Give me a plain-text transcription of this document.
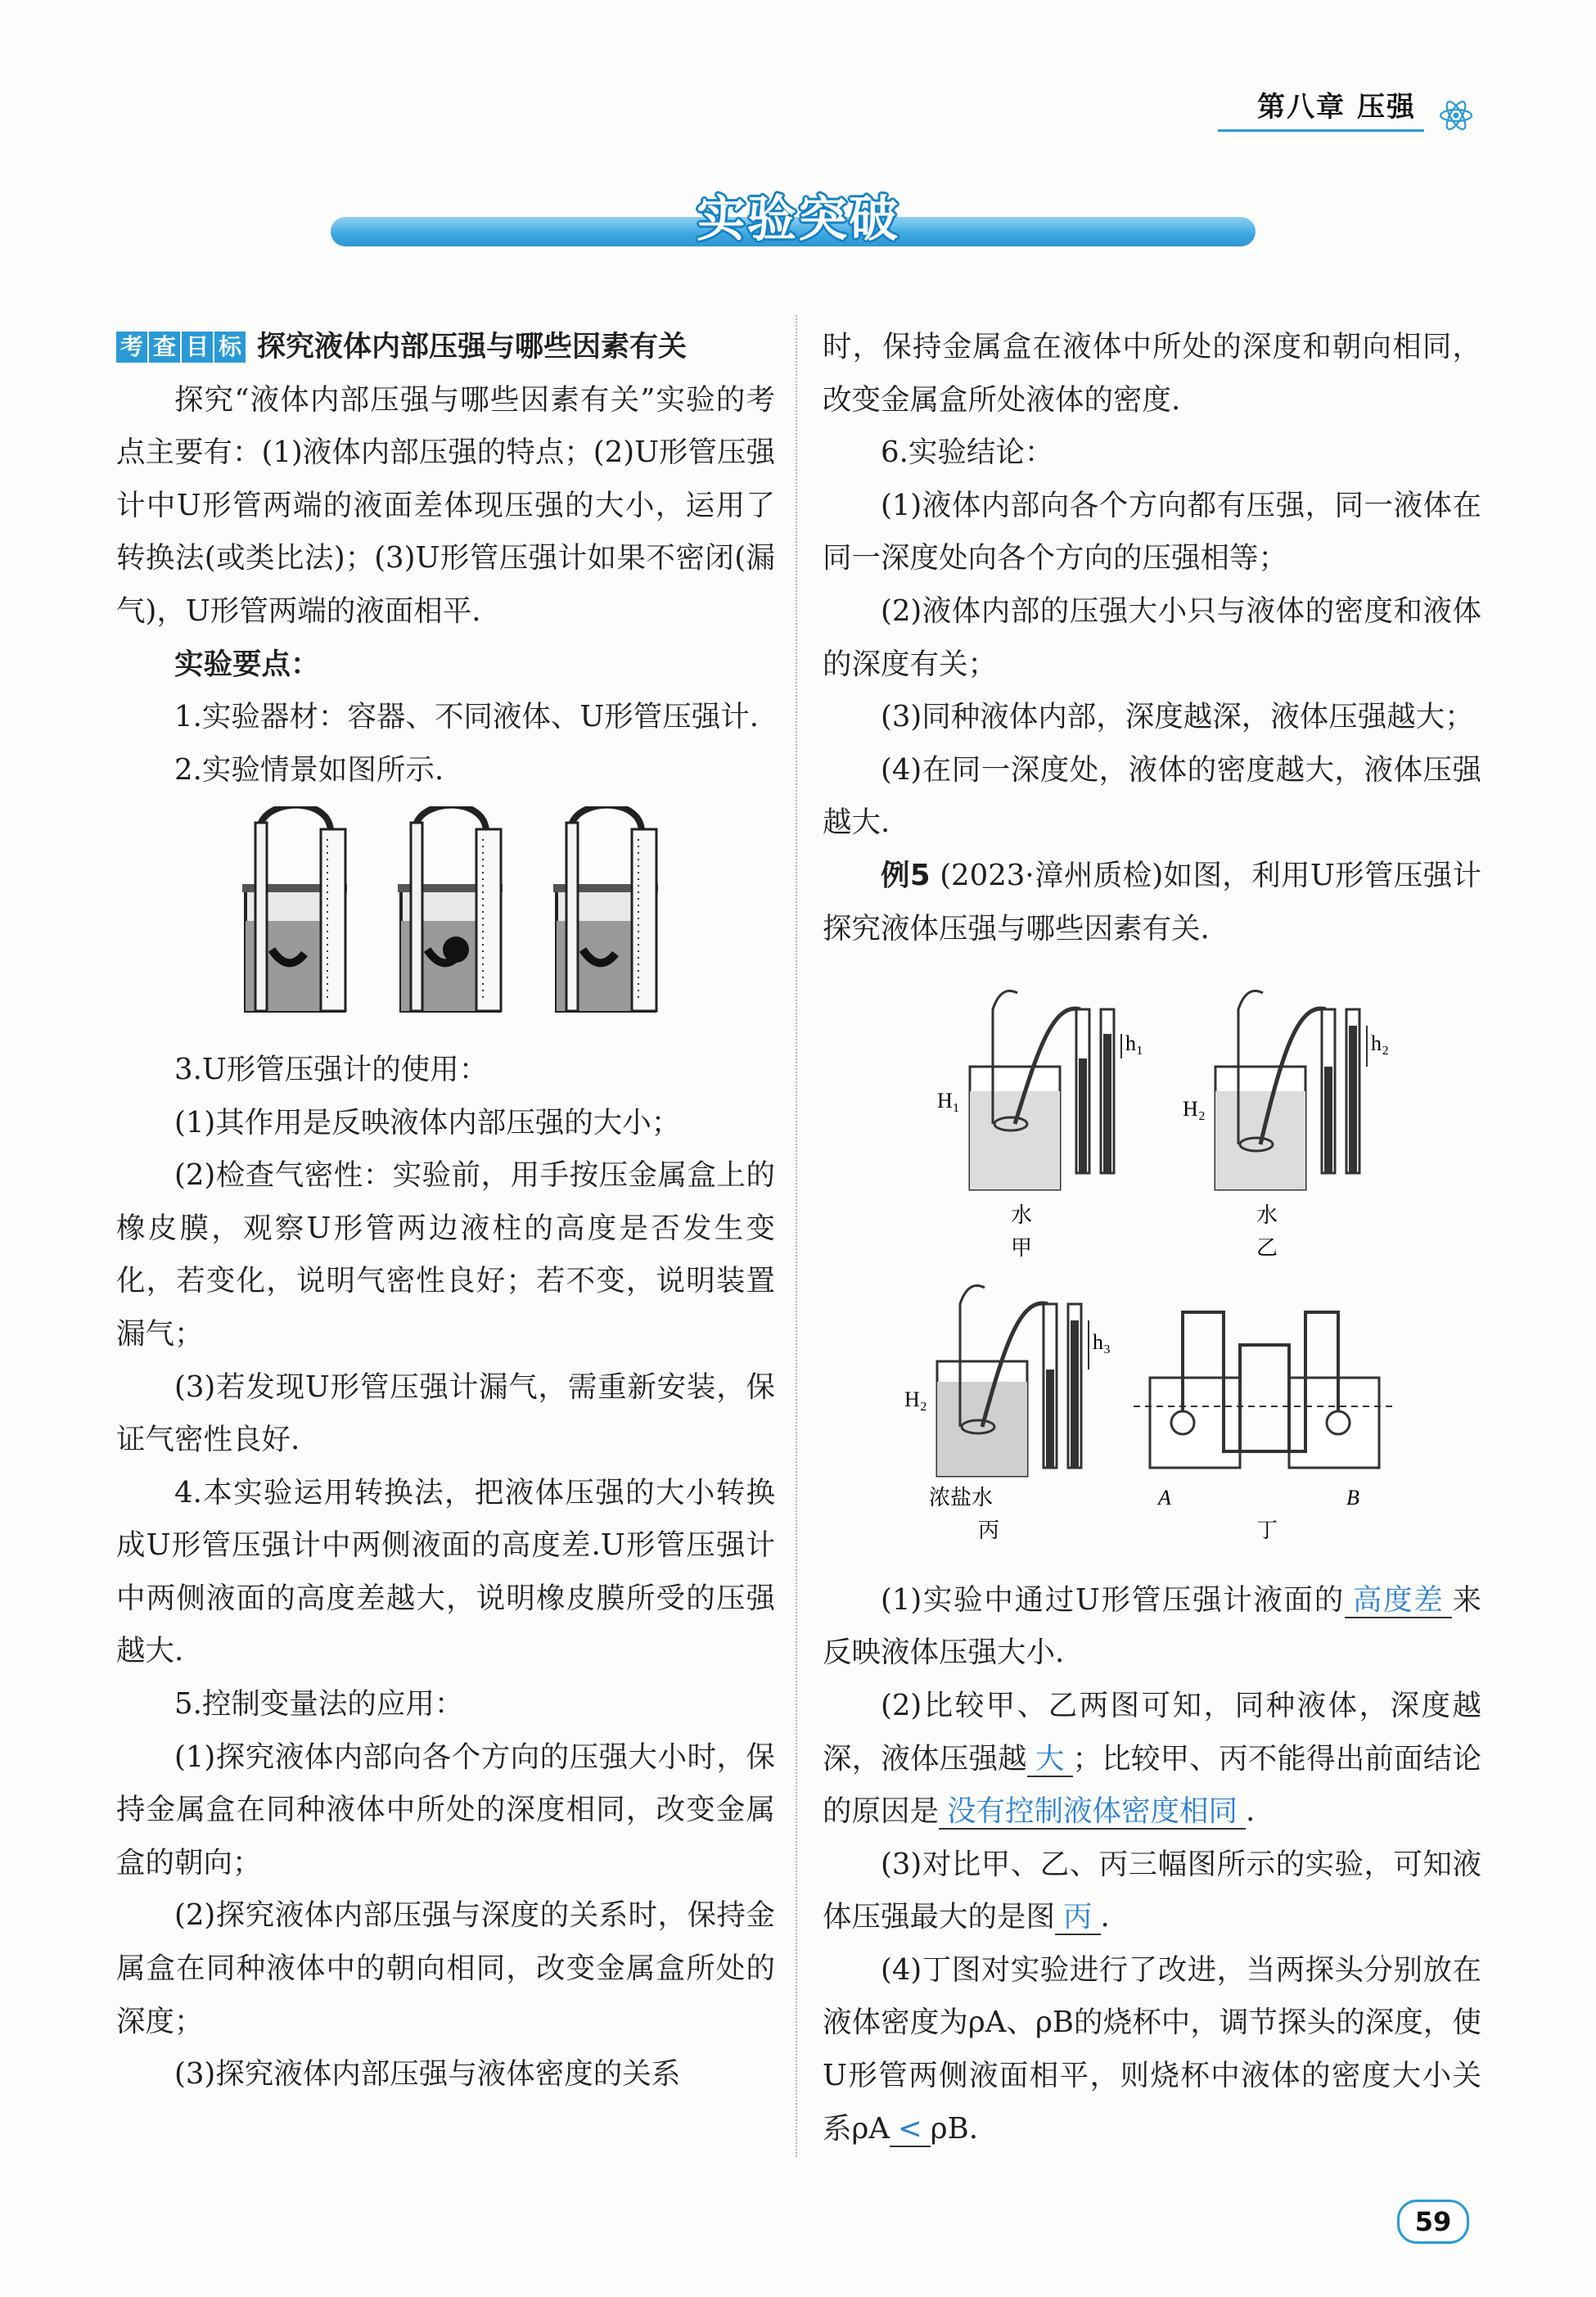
第八章 压强
实验突破
考 查 目 标 探究液体内部压强与哪些因素有关

探究“液体内部压强与哪些因素有关”实验的考点主要有：(1)液体内部压强的特点；(2)U形管压强计中U形管两端的液面差体现压强的大小，运用了转换法(或类比法)；(3)U形管压强计如果不密闭(漏气)，U形管两端的液面相平.

实验要点：

1.实验器材：容器、不同液体、U形管压强计.

2.实验情景如图所示.

3.U形管压强计的使用：

(1)其作用是反映液体内部压强的大小；

(2)检查气密性：实验前，用手按压金属盒上的橡皮膜，观察U形管两边液柱的高度是否发生变化，若变化，说明气密性良好；若不变，说明装置漏气；

(3)若发现U形管压强计漏气，需重新安装，保证气密性良好.

4.本实验运用转换法，把液体压强的大小转换成U形管压强计中两侧液面的高度差.U形管压强计中两侧液面的高度差越大，说明橡皮膜所受的压强越大.

5.控制变量法的应用：

(1)探究液体内部向各个方向的压强大小时，保持金属盒在同种液体中所处的深度相同，改变金属盒的朝向；

(2)探究液体内部压强与深度的关系时，保持金属盒在同种液体中的朝向相同，改变金属盒所处的深度；

(3)探究液体内部压强与液体密度的关系

时，保持金属盒在液体中所处的深度和朝向相同，改变金属盒所处液体的密度.

6.实验结论：

(1)液体内部向各个方向都有压强，同一液体在同一深度处向各个方向的压强相等；

(2)液体内部的压强大小只与液体的密度和液体的深度有关；

(3)同种液体内部，深度越深，液体压强越大；

(4)在同一深度处，液体的密度越大，液体压强越大.

例5 (2023·漳州质检)如图，利用U形管压强计探究液体压强与哪些因素有关.

H₁
h₁
水
甲
H₂
h₂
水
乙
H₂
h₃
浓盐水
丙
A
丁
B

(1)实验中通过U形管压强计液面的 高度差 来反映液体压强大小.

(2)比较甲、乙两图可知，同种液体，深度越深，液体压强越 大 ；比较甲、丙不能得出前面结论的原因是 没有控制液体密度相同 .

(3)对比甲、乙、丙三幅图所示的实验，可知液体压强最大的是图 丙 .

(4)丁图对实验进行了改进，当两探头分别放在液体密度为ρA、ρB的烧杯中，调节探头的深度，使U形管两侧液面相平，则烧杯中液体的密度大小关系ρA < ρB.

59
